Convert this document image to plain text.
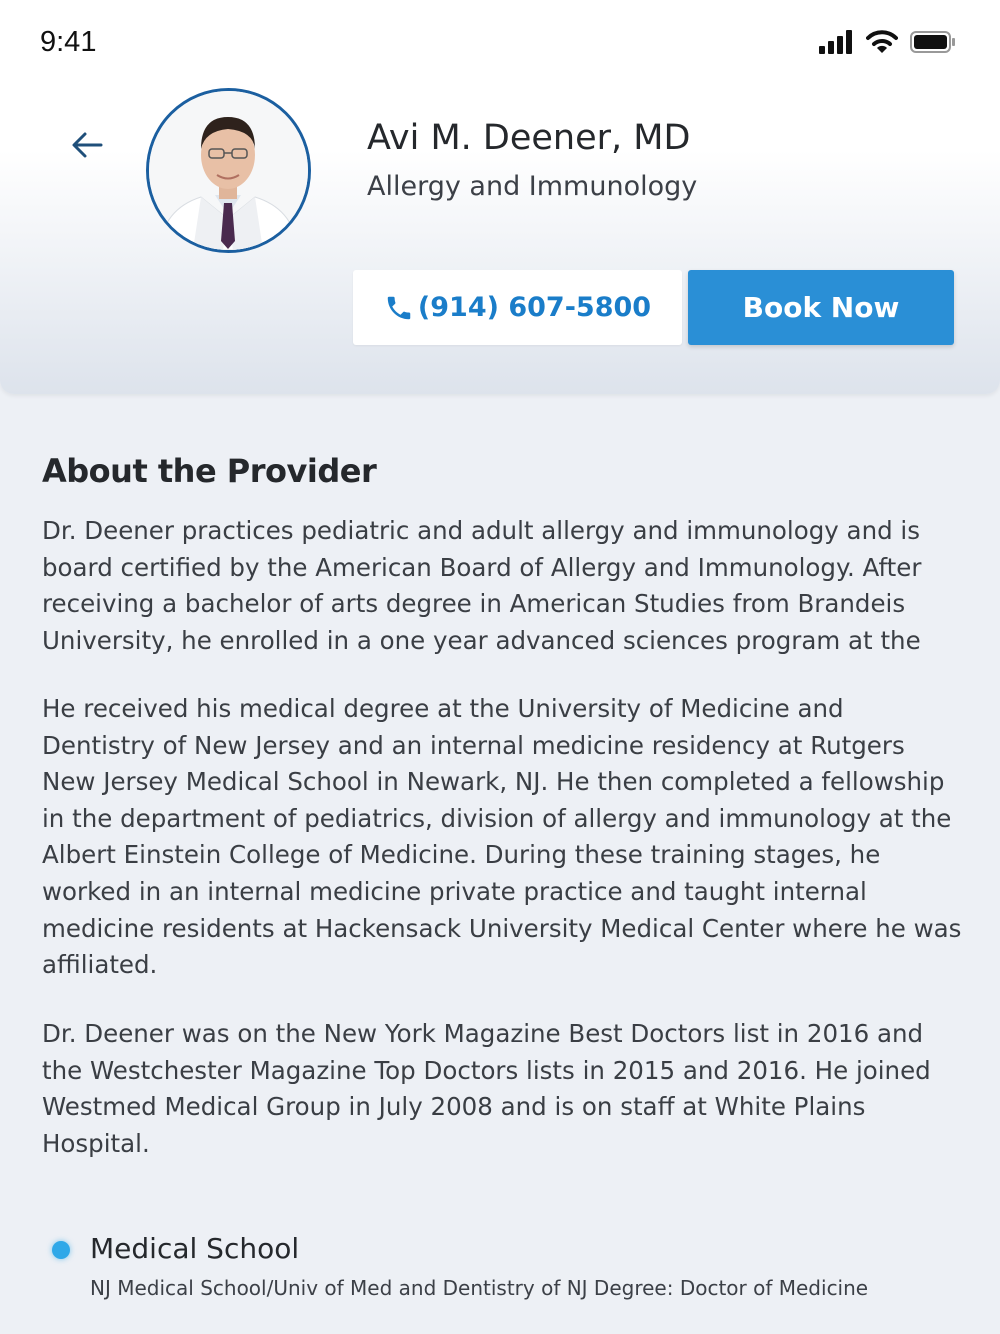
9:41
Avi M. Deener, MD
Allergy and Immunology
(914) 607-5800	Book Now
About the Provider

Dr. Deener practices pediatric and adult allergy and immunology and is board certified by the American Board of Allergy and Immunology. After receiving a bachelor of arts degree in American Studies from Brandeis University, he enrolled in a one year advanced sciences program at the

He received his medical degree at the University of Medicine and Dentistry of New Jersey and an internal medicine residency at Rutgers New Jersey Medical School in Newark, NJ. He then completed a fellowship in the department of pediatrics, division of allergy and immunology at the Albert Einstein College of Medicine. During these training stages, he worked in an internal medicine private practice and taught internal medicine residents at Hackensack University Medical Center where he was affiliated.

Dr. Deener was on the New York Magazine Best Doctors list in 2016 and the Westchester Magazine Top Doctors lists in 2015 and 2016. He joined Westmed Medical Group in July 2008 and is on staff at White Plains Hospital.

Medical School
NJ Medical School/Univ of Med and Dentistry of NJ Degree: Doctor of Medicine
